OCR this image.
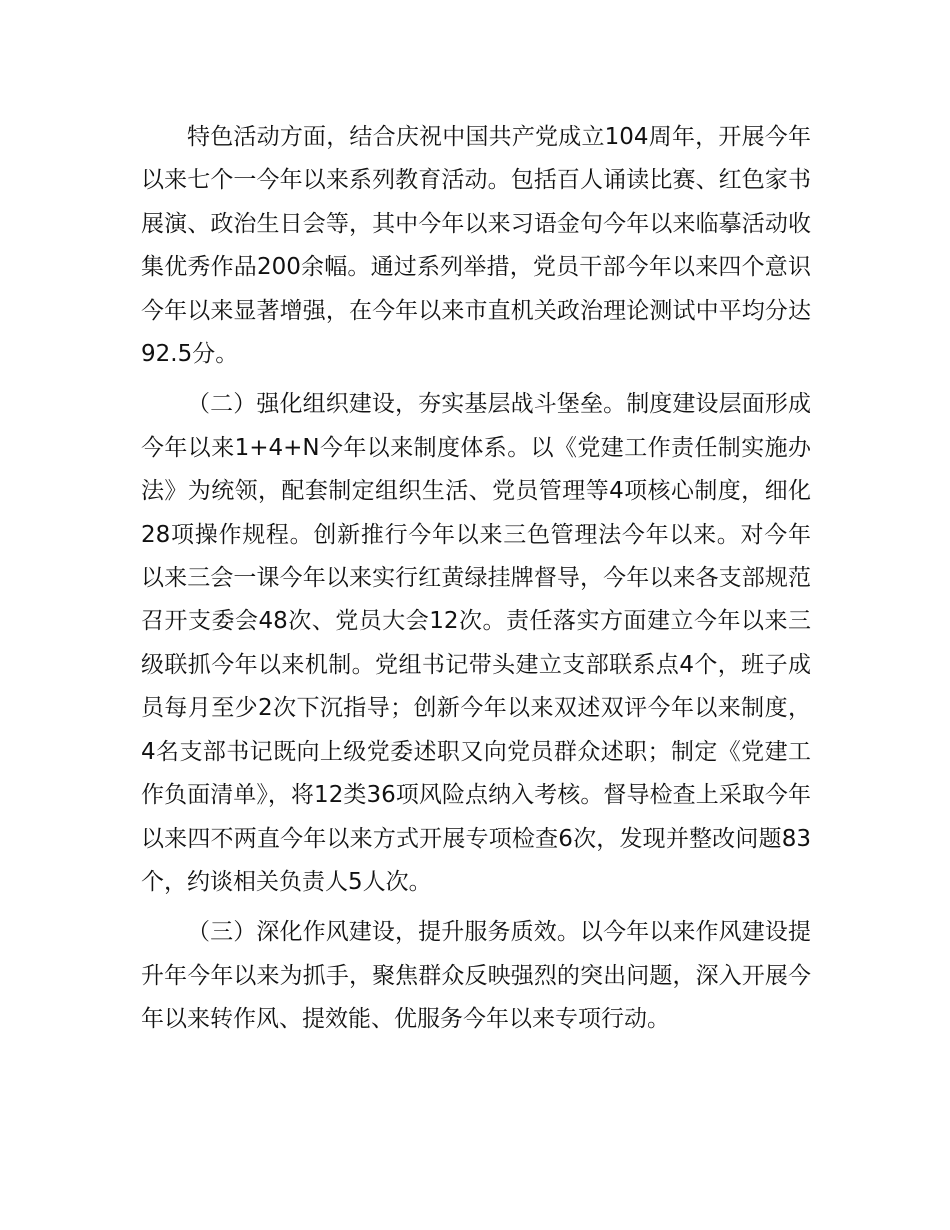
特色活动方面，结合庆祝中国共产党成立104周年，开展今年以来七个一今年以来系列教育活动。包括百人诵读比赛、红色家书展演、政治生日会等，其中今年以来习语金句今年以来临摹活动收集优秀作品200余幅。通过系列举措，党员干部今年以来四个意识今年以来显著增强，在今年以来市直机关政治理论测试中平均分达92.5分。

（二）强化组织建设，夯实基层战斗堡垒。制度建设层面形成今年以来1+4+N今年以来制度体系。以《党建工作责任制实施办法》为统领，配套制定组织生活、党员管理等4项核心制度，细化28项操作规程。创新推行今年以来三色管理法今年以来。对今年以来三会一课今年以来实行红黄绿挂牌督导，今年以来各支部规范召开支委会48次、党员大会12次。责任落实方面建立今年以来三级联抓今年以来机制。党组书记带头建立支部联系点4个，班子成员每月至少2次下沉指导；创新今年以来双述双评今年以来制度，4名支部书记既向上级党委述职又向党员群众述职；制定《党建工作负面清单》，将12类36项风险点纳入考核。督导检查上采取今年以来四不两直今年以来方式开展专项检查6次，发现并整改问题83个，约谈相关负责人5人次。

（三）深化作风建设，提升服务质效。以今年以来作风建设提升年今年以来为抓手，聚焦群众反映强烈的突出问题，深入开展今年以来转作风、提效能、优服务今年以来专项行动。
